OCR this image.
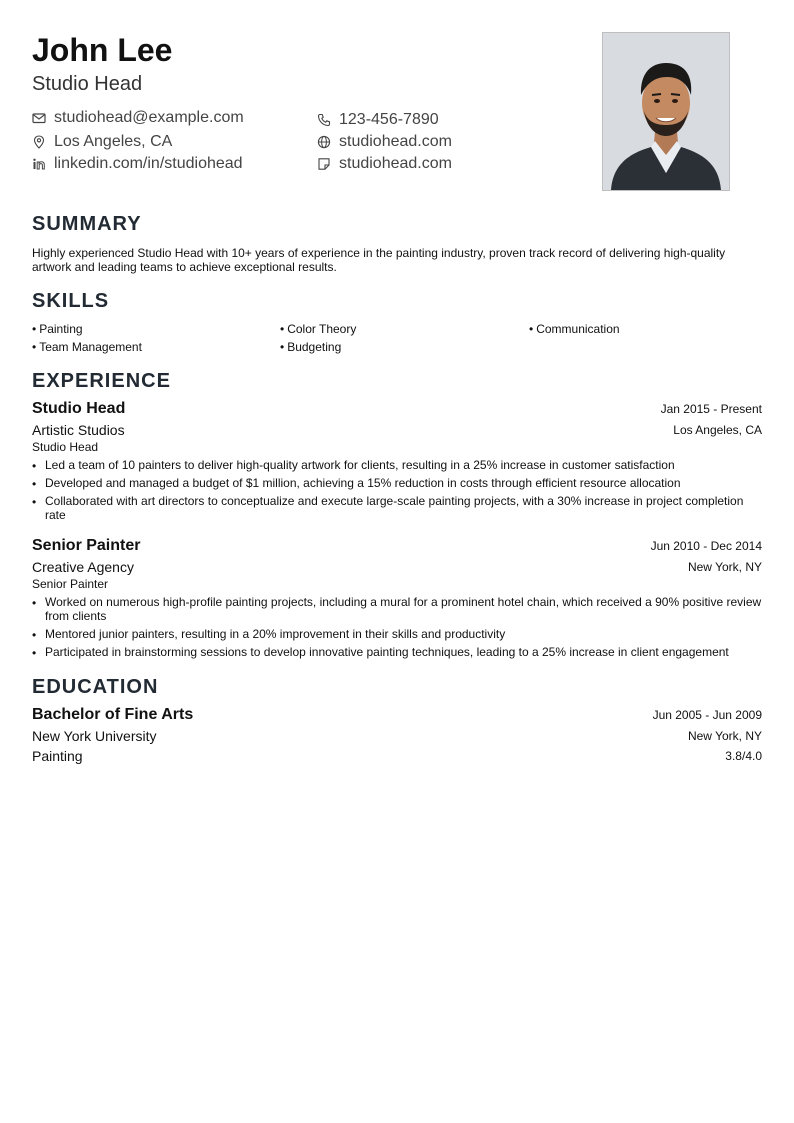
John Lee
Studio Head
studiohead@example.com	123-456-7890
Los Angeles, CA	studiohead.com
linkedin.com/in/studiohead	studiohead.com
SUMMARY
Highly experienced Studio Head with 10+ years of experience in the painting industry, proven track record of delivering high-quality artwork and leading teams to achieve exceptional results.
SKILLS
• Painting	• Color Theory	• Communication
• Team Management	• Budgeting
EXPERIENCE
Studio Head	Jan 2015 - Present
Artistic Studios	Los Angeles, CA
Studio Head
• Led a team of 10 painters to deliver high-quality artwork for clients, resulting in a 25% increase in customer satisfaction
• Developed and managed a budget of $1 million, achieving a 15% reduction in costs through efficient resource allocation
• Collaborated with art directors to conceptualize and execute large-scale painting projects, with a 30% increase in project completion rate
Senior Painter	Jun 2010 - Dec 2014
Creative Agency	New York, NY
Senior Painter
• Worked on numerous high-profile painting projects, including a mural for a prominent hotel chain, which received a 90% positive review from clients
• Mentored junior painters, resulting in a 20% improvement in their skills and productivity
• Participated in brainstorming sessions to develop innovative painting techniques, leading to a 25% increase in client engagement
EDUCATION
Bachelor of Fine Arts	Jun 2005 - Jun 2009
New York University	New York, NY
Painting	3.8/4.0
